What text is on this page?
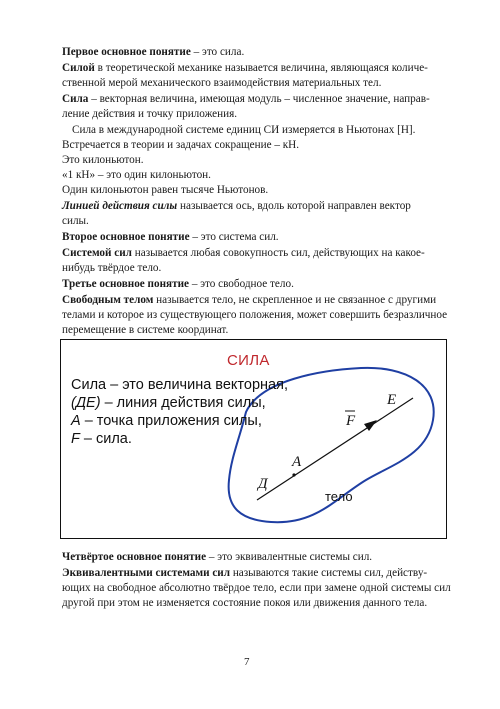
Первое основное понятие – это сила.

Силой в теоретической механике называется величина, являющаяся количе-

ственной мерой механического взаимодействия материальных тел.

Сила – векторная величина, имеющая модуль – численное значение, направ-

ление действия и точку приложения.

Сила в международной системе единиц СИ измеряется в Ньютонах [Н].

Встречается в теории и задачах сокращение – кН.

Это килоньютон.

«1 кН» – это один килоньютон.

Один килоньютон равен тысяче Ньютонов.

Линией действия силы называется ось, вдоль которой направлен вектор

силы.

Второе основное понятие – это система сил.

Системой сил называется любая совокупность сил, действующих на какое-

нибудь твёрдое тело.

Третье основное понятие – это свободное тело.

Свободным телом называется тело, не скрепленное и не связанное с другими

телами и которое из существующего положения, может совершить безразличное

перемещение в системе координат.

СИЛА
E
F
A
Д
тело
Сила – это величина векторная,
(ДЕ) – линия действия силы,
А – точка приложения силы,
F – сила.

Четвёртое основное понятие – это эквивалентные системы сил.

Эквивалентными системами сил называются такие системы сил, действу-

ющих на свободное абсолютно твёрдое тело, если при замене одной системы сил

другой при этом не изменяется состояние покоя или движения данного тела.

7
